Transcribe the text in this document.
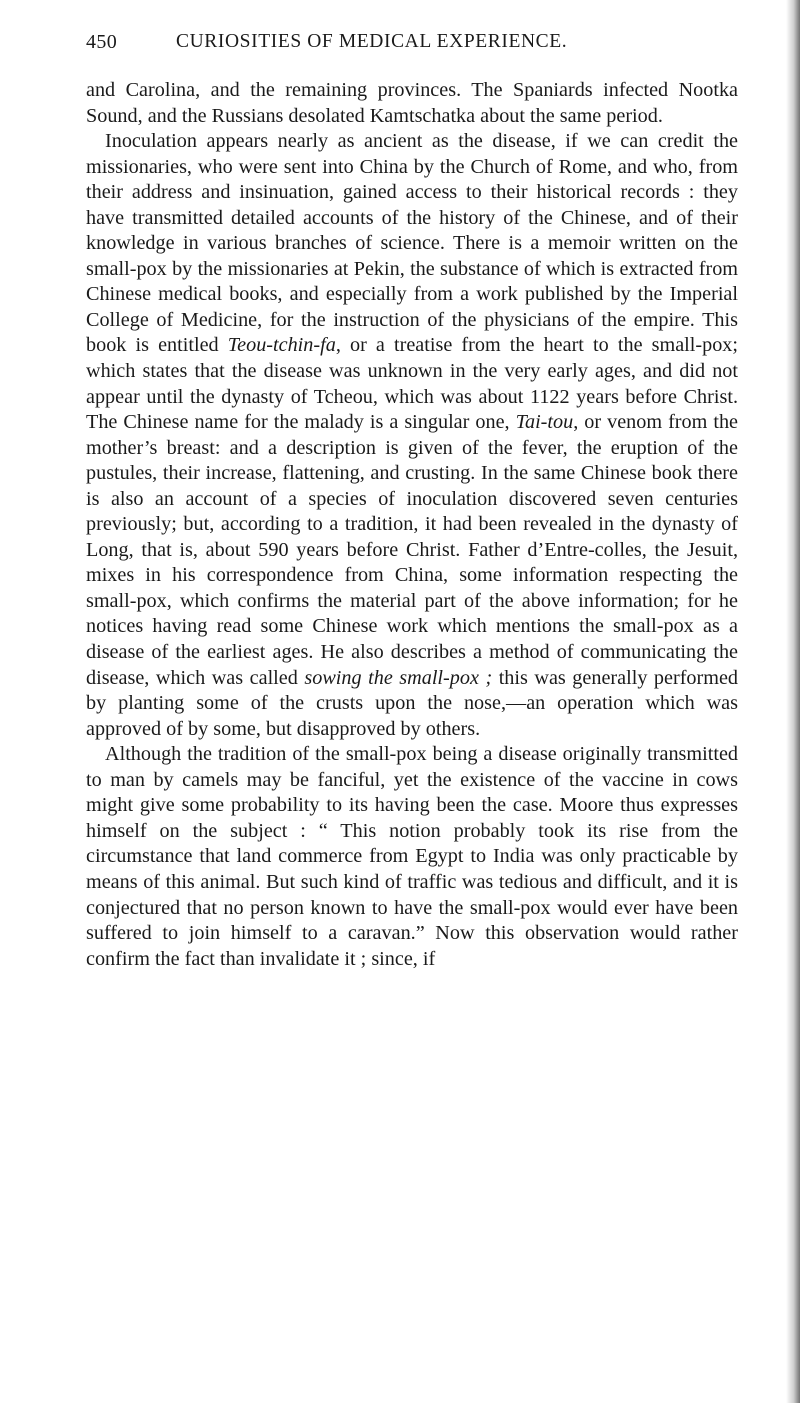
450	CURIOSITIES OF MEDICAL EXPERIENCE.

and Carolina, and the remaining provinces. The Spaniards infected Nootka Sound, and the Russians desolated Kamtschatka about the same period.

Inoculation appears nearly as ancient as the disease, if we can credit the missionaries, who were sent into China by the Church of Rome, and who, from their address and insinuation, gained access to their historical records : they have transmitted detailed accounts of the history of the Chinese, and of their knowledge in various branches of science. There is a memoir written on the small-pox by the missionaries at Pekin, the substance of which is extracted from Chinese medical books, and especially from a work published by the Imperial College of Medicine, for the instruction of the physicians of the empire. This book is entitled Teou-tchin-fa, or a treatise from the heart to the small-pox; which states that the disease was unknown in the very early ages, and did not appear until the dynasty of Tcheou, which was about 1122 years before Christ. The Chinese name for the malady is a singular one, Tai-tou, or venom from the mother’s breast: and a description is given of the fever, the eruption of the pustules, their increase, flattening, and crusting. In the same Chinese book there is also an account of a species of inoculation discovered seven centuries previously; but, according to a tradition, it had been revealed in the dynasty of Long, that is, about 590 years before Christ. Father d’Entre-colles, the Jesuit, mixes in his correspondence from China, some information respecting the small-pox, which confirms the material part of the above information; for he notices having read some Chinese work which mentions the small-pox as a disease of the earliest ages. He also describes a method of communicating the disease, which was called sowing the small-pox ; this was generally performed by planting some of the crusts upon the nose,—an operation which was approved of by some, but disapproved by others.

Although the tradition of the small-pox being a disease originally transmitted to man by camels may be fanciful, yet the existence of the vaccine in cows might give some probability to its having been the case. Moore thus expresses himself on the subject : “ This notion probably took its rise from the circumstance that land commerce from Egypt to India was only practicable by means of this animal. But such kind of traffic was tedious and difficult, and it is conjectured that no person known to have the small-pox would ever have been suffered to join himself to a caravan.” Now this observation would rather confirm the fact than invalidate it ; since, if
